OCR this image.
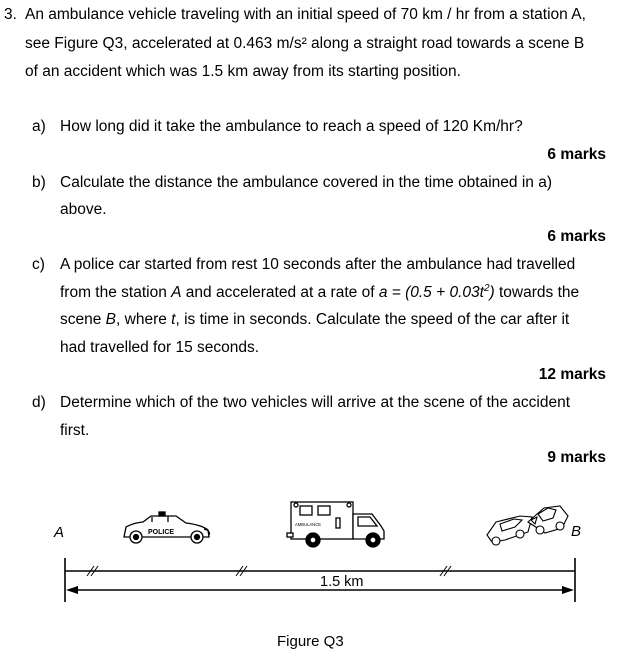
3. An ambulance vehicle traveling with an initial speed of 70 km / hr from a station A,
see Figure Q3, accelerated at 0.463 m/s² along a straight road towards a scene B
of an accident which was 1.5 km away from its starting position.
a) How long did it take the ambulance to reach a speed of 120 Km/hr?
6 marks
b) Calculate the distance the ambulance covered in the time obtained in a)
above.
6 marks
c) A police car started from rest 10 seconds after the ambulance had travelled
from the station A and accelerated at a rate of $a = (0.5 + 0.03t^2)$ towards the
scene B, where t, is time in seconds. Calculate the speed of the car after it
had travelled for 15 seconds.
12 marks
d) Determine which of the two vehicles will arrive at the scene of the accident
first.
9 marks
POLICE
AMBULANCE
A	B
1.5 km
Figure Q3
